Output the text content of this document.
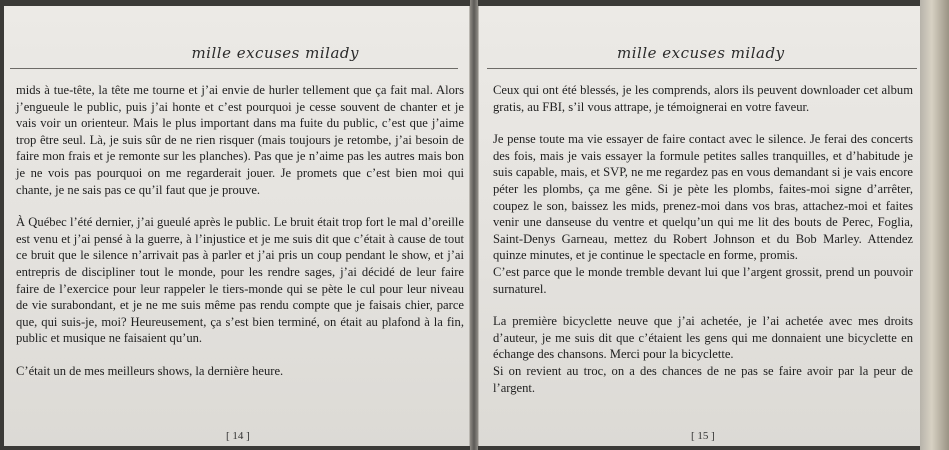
mille excuses milady

mids à tue-tête, la tête me tourne et j’ai envie de hurler tellement que ça fait mal. Alors j’engueule le public, puis j’ai honte et c’est pourquoi je cesse souvent de chanter et je vais voir un orienteur. Mais le plus important dans ma fuite du public, c’est que j’aime trop être seul. Là, je suis sûr de ne rien risquer (mais toujours je retombe, j’ai besoin de faire mon frais et je remonte sur les planches). Pas que je n’aime pas les autres mais bon je ne vois pas pourquoi on me regarderait jouer. Je promets que c’est bien moi qui chante, je ne sais pas ce qu’il faut que je prouve.

À Québec l’été dernier, j’ai gueulé après le public. Le bruit était trop fort le mal d’oreille est venu et j’ai pensé à la guerre, à l’injustice et je me suis dit que c’était à cause de tout ce bruit que le silence n’arrivait pas à parler et j’ai pris un coup pendant le show, et j’ai entrepris de discipliner tout le monde, pour les rendre sages, j’ai décidé de leur faire faire de l’exercice pour leur rappeler le tiers-monde qui se pète le cul pour leur niveau de vie surabondant, et je ne me suis même pas rendu compte que je faisais chier, parce que, qui suis-je, moi? Heureusement, ça s’est bien terminé, on était au plafond à la fin, public et musique ne faisaient qu’un.

C’était un de mes meilleurs shows, la dernière heure.

[ 14 ]
mille excuses milady

Ceux qui ont été blessés, je les comprends, alors ils peuvent downloader cet album gratis, au FBI, s’il vous attrape, je témoignerai en votre faveur.

Je pense toute ma vie essayer de faire contact avec le silence. Je ferai des concerts des fois, mais je vais essayer la formule petites salles tranquilles, et d’habitude je suis capable, mais, et SVP, ne me regardez pas en vous demandant si je vais encore péter les plombs, ça me gêne. Si je pète les plombs, faites-moi signe d’arrêter, coupez le son, baissez les mids, prenez-moi dans vos bras, attachez-moi et faites venir une danseuse du ventre et quelqu’un qui me lit des bouts de Perec, Foglia, Saint-Denys Garneau, mettez du Robert Johnson et du Bob Marley. Attendez quinze minutes, et je continue le spectacle en forme, promis.

C’est parce que le monde tremble devant lui que l’argent grossit, prend un pouvoir surnaturel.

La première bicyclette neuve que j’ai achetée, je l’ai achetée avec mes droits d’auteur, je me suis dit que c’étaient les gens qui me donnaient une bicyclette en échange des chansons. Merci pour la bicyclette.

Si on revient au troc, on a des chances de ne pas se faire avoir par la peur de l’argent.

[ 15 ]
